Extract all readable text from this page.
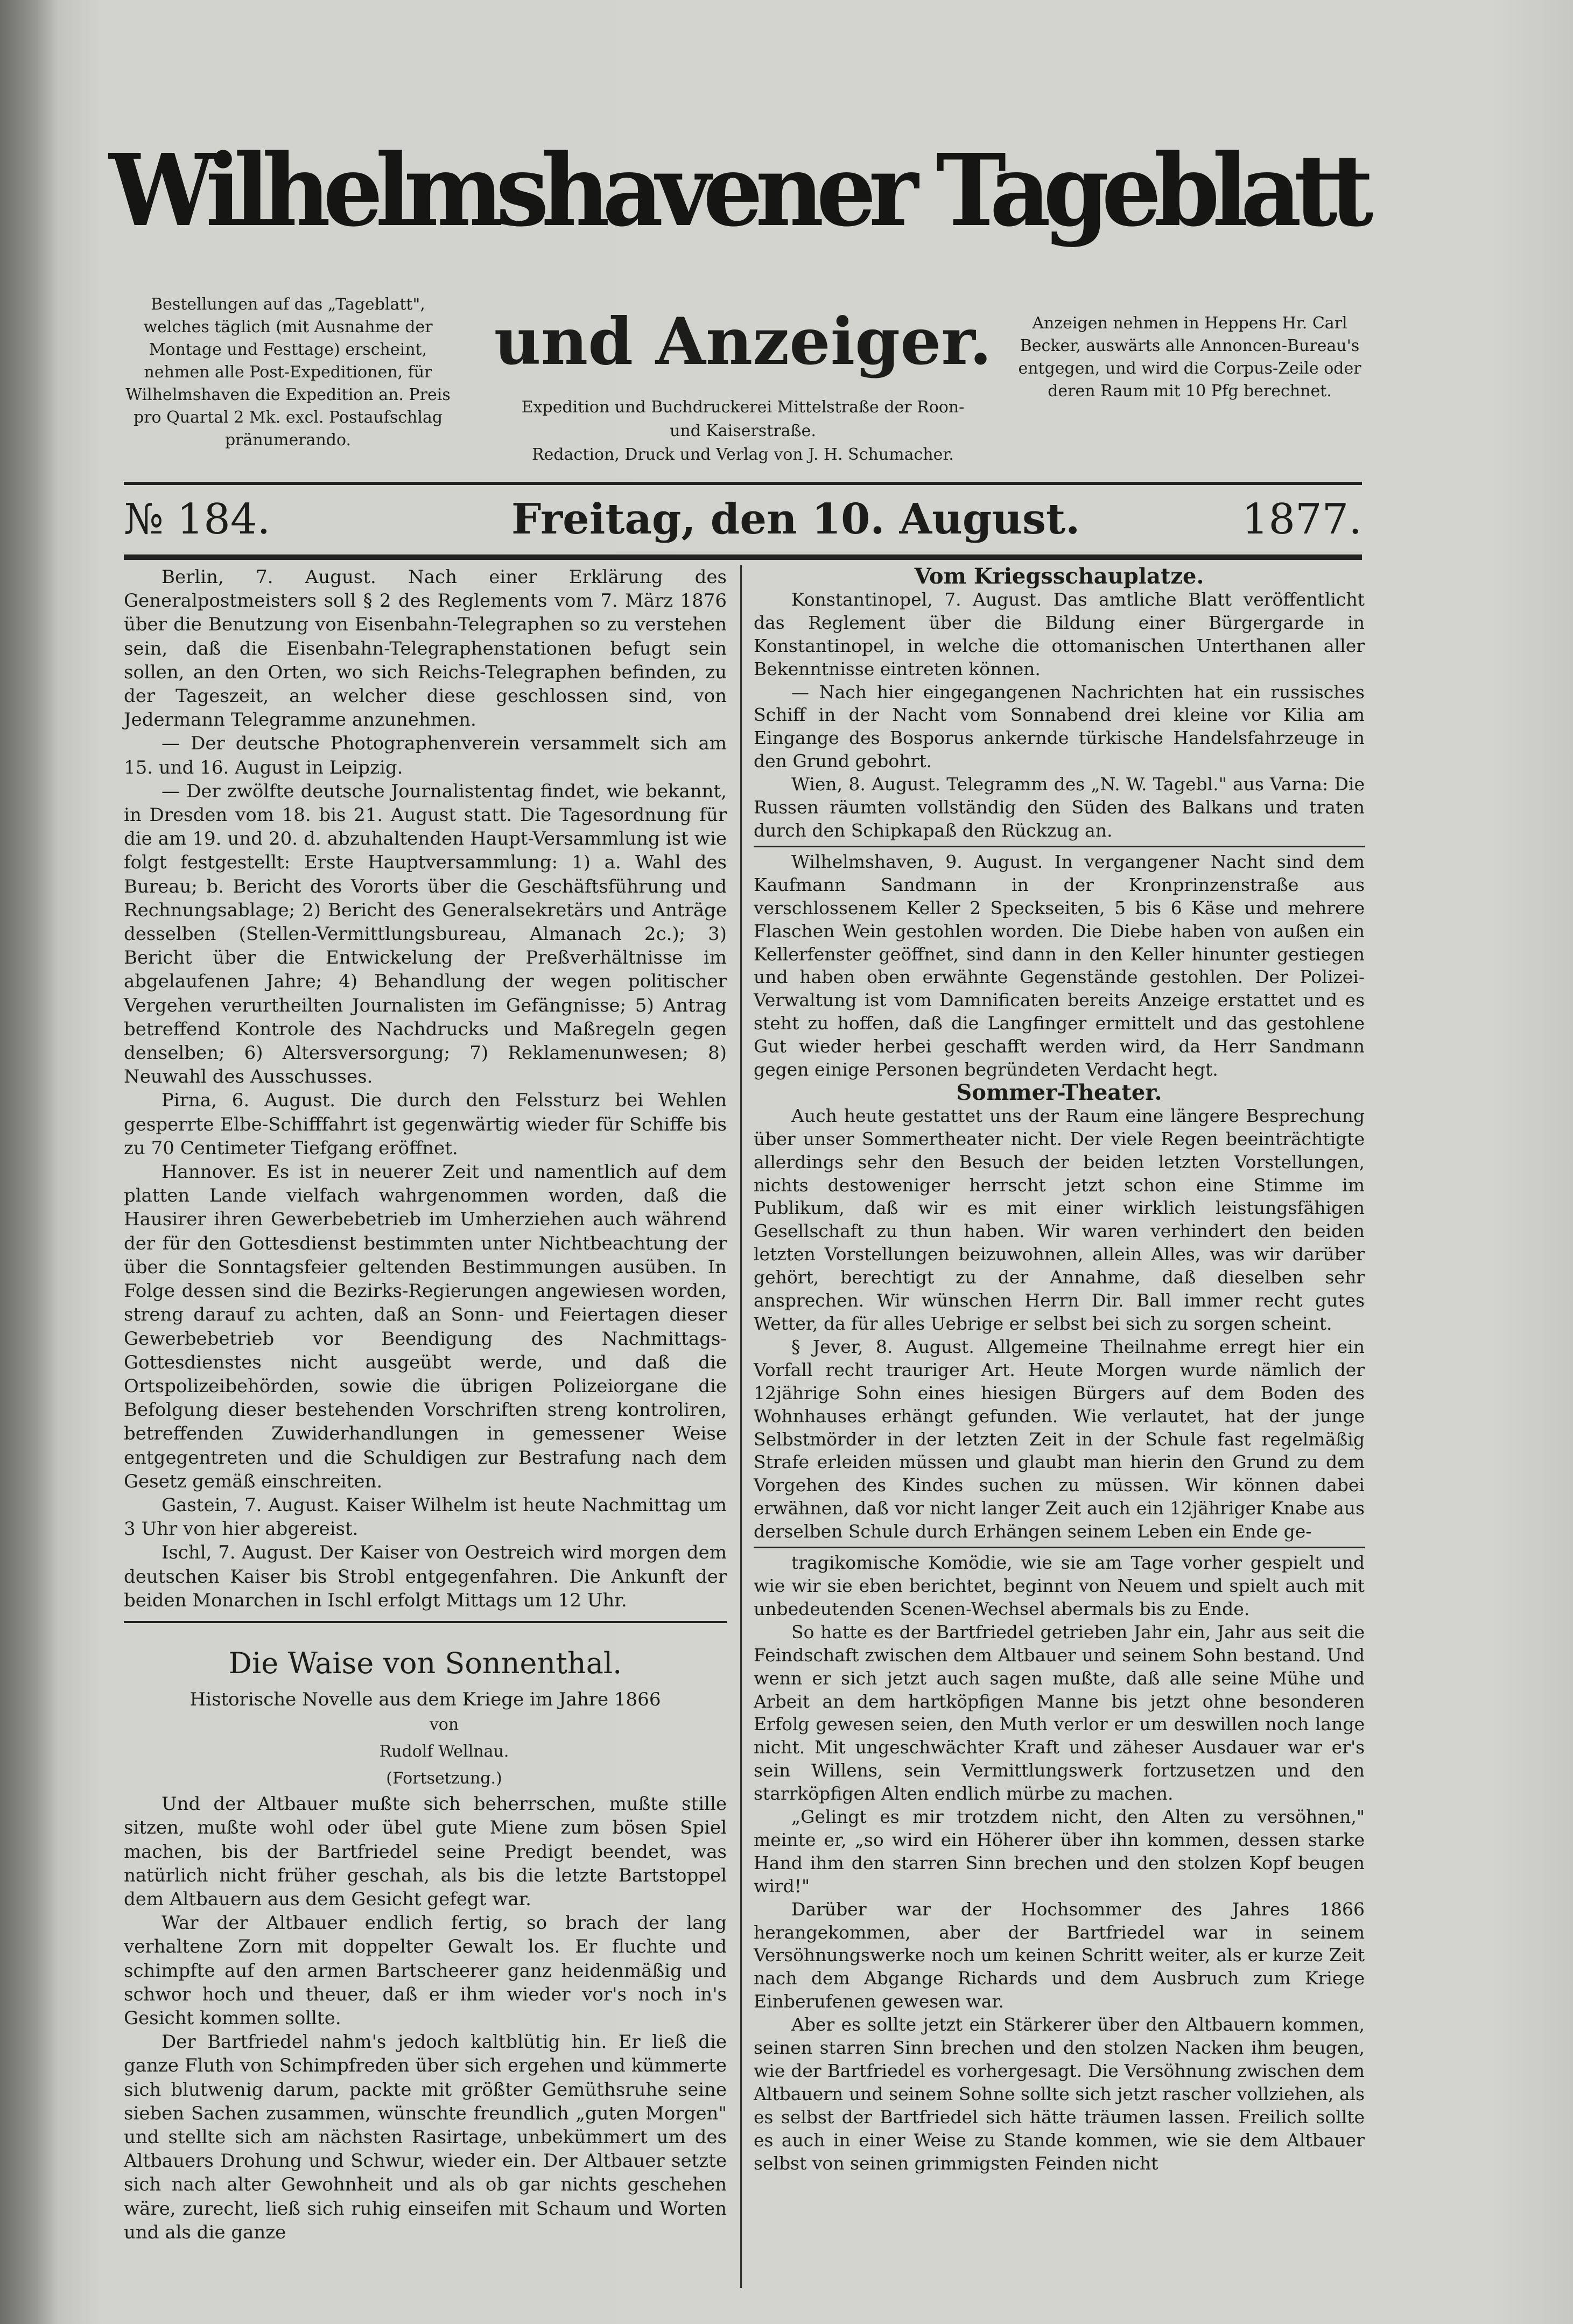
Wilhelmshavener Tageblatt
und Anzeiger.
Bestellungen auf das „Tageblatt", welches täglich (mit Ausnahme der Montage und Festtage) erscheint, nehmen alle Post-Expeditionen, für Wilhelmshaven die Expedition an. Preis pro Quartal 2 Mk. excl. Postaufschlag pränumerando.
Anzeigen nehmen in Heppens Hr. Carl Becker, auswärts alle Annoncen-Bureau's entgegen, und wird die Corpus-Zeile oder deren Raum mit 10 Pfg berechnet.
Expedition und Buchdruckerei Mittelstraße der Roon- und Kaiserstraße.
Redaction, Druck und Verlag von J. H. Schumacher.
№ 184.	Freitag, den 10. August.	1877.

Berlin, 7. August. Nach einer Erklärung des Generalpostmeisters soll § 2 des Reglements vom 7. März 1876 über die Benutzung von Eisenbahn-Telegraphen so zu verstehen sein, daß die Eisenbahn-Telegraphenstationen befugt sein sollen, an den Orten, wo sich Reichs-Telegraphen befinden, zu der Tageszeit, an welcher diese geschlossen sind, von Jedermann Telegramme anzunehmen.

— Der deutsche Photographenverein versammelt sich am 15. und 16. August in Leipzig.

— Der zwölfte deutsche Journalistentag findet, wie bekannt, in Dresden vom 18. bis 21. August statt. Die Tagesordnung für die am 19. und 20. d. abzuhaltenden Haupt-Versammlung ist wie folgt festgestellt: Erste Hauptversammlung: 1) a. Wahl des Bureau; b. Bericht des Vororts über die Geschäftsführung und Rechnungsablage; 2) Bericht des Generalsekretärs und Anträge desselben (Stellen-Vermittlungsbureau, Almanach 2c.); 3) Bericht über die Entwickelung der Preßverhältnisse im abgelaufenen Jahre; 4) Behandlung der wegen politischer Vergehen verurtheilten Journalisten im Gefängnisse; 5) Antrag betreffend Kontrole des Nachdrucks und Maßregeln gegen denselben; 6) Altersversorgung; 7) Reklamenunwesen; 8) Neuwahl des Ausschusses.

Pirna, 6. August. Die durch den Felssturz bei Wehlen gesperrte Elbe-Schifffahrt ist gegenwärtig wieder für Schiffe bis zu 70 Centimeter Tiefgang eröffnet.

Hannover. Es ist in neuerer Zeit und namentlich auf dem platten Lande vielfach wahrgenommen worden, daß die Hausirer ihren Gewerbebetrieb im Umherziehen auch während der für den Gottesdienst bestimmten unter Nichtbeachtung der über die Sonntagsfeier geltenden Bestimmungen ausüben. In Folge dessen sind die Bezirks-Regierungen angewiesen worden, streng darauf zu achten, daß an Sonn- und Feiertagen dieser Gewerbebetrieb vor Beendigung des Nachmittags-Gottesdienstes nicht ausgeübt werde, und daß die Ortspolizeibehörden, sowie die übrigen Polizeiorgane die Befolgung dieser bestehenden Vorschriften streng kontroliren, betreffenden Zuwiderhandlungen in gemessener Weise entgegentreten und die Schuldigen zur Bestrafung nach dem Gesetz gemäß einschreiten.

Gastein, 7. August. Kaiser Wilhelm ist heute Nachmittag um 3 Uhr von hier abgereist.

Ischl, 7. August. Der Kaiser von Oestreich wird morgen dem deutschen Kaiser bis Strobl entgegenfahren. Die Ankunft der beiden Monarchen in Ischl erfolgt Mittags um 12 Uhr.

Die Waise von Sonnenthal.

Historische Novelle aus dem Kriege im Jahre 1866

von

Rudolf Wellnau.

(Fortsetzung.)

Und der Altbauer mußte sich beherrschen, mußte stille sitzen, mußte wohl oder übel gute Miene zum bösen Spiel machen, bis der Bartfriedel seine Predigt beendet, was natürlich nicht früher geschah, als bis die letzte Bartstoppel dem Altbauern aus dem Gesicht gefegt war.

War der Altbauer endlich fertig, so brach der lang verhaltene Zorn mit doppelter Gewalt los. Er fluchte und schimpfte auf den armen Bartscheerer ganz heidenmäßig und schwor hoch und theuer, daß er ihm wieder vor's noch in's Gesicht kommen sollte.

Der Bartfriedel nahm's jedoch kaltblütig hin. Er ließ die ganze Fluth von Schimpfreden über sich ergehen und kümmerte sich blutwenig darum, packte mit größter Gemüthsruhe seine sieben Sachen zusammen, wünschte freundlich „guten Morgen" und stellte sich am nächsten Rasirtage, unbekümmert um des Altbauers Drohung und Schwur, wieder ein. Der Altbauer setzte sich nach alter Gewohnheit und als ob gar nichts geschehen wäre, zurecht, ließ sich ruhig einseifen mit Schaum und Worten und als die ganze

Vom Kriegsschauplatze.

Konstantinopel, 7. August. Das amtliche Blatt veröffentlicht das Reglement über die Bildung einer Bürgergarde in Konstantinopel, in welche die ottomanischen Unterthanen aller Bekenntnisse eintreten können.

— Nach hier eingegangenen Nachrichten hat ein russisches Schiff in der Nacht vom Sonnabend drei kleine vor Kilia am Eingange des Bosporus ankernde türkische Handelsfahrzeuge in den Grund gebohrt.

Wien, 8. August. Telegramm des „N. W. Tagebl." aus Varna: Die Russen räumten vollständig den Süden des Balkans und traten durch den Schipkapaß den Rückzug an.

Wilhelmshaven, 9. August. In vergangener Nacht sind dem Kaufmann Sandmann in der Kronprinzenstraße aus verschlossenem Keller 2 Speckseiten, 5 bis 6 Käse und mehrere Flaschen Wein gestohlen worden. Die Diebe haben von außen ein Kellerfenster geöffnet, sind dann in den Keller hinunter gestiegen und haben oben erwähnte Gegenstände gestohlen. Der Polizei-Verwaltung ist vom Damnificaten bereits Anzeige erstattet und es steht zu hoffen, daß die Langfinger ermittelt und das gestohlene Gut wieder herbei geschafft werden wird, da Herr Sandmann gegen einige Personen begründeten Verdacht hegt.

Sommer-Theater.

Auch heute gestattet uns der Raum eine längere Besprechung über unser Sommertheater nicht. Der viele Regen beeinträchtigte allerdings sehr den Besuch der beiden letzten Vorstellungen, nichts destoweniger herrscht jetzt schon eine Stimme im Publikum, daß wir es mit einer wirklich leistungsfähigen Gesellschaft zu thun haben. Wir waren verhindert den beiden letzten Vorstellungen beizuwohnen, allein Alles, was wir darüber gehört, berechtigt zu der Annahme, daß dieselben sehr ansprechen. Wir wünschen Herrn Dir. Ball immer recht gutes Wetter, da für alles Uebrige er selbst bei sich zu sorgen scheint.

§ Jever, 8. August. Allgemeine Theilnahme erregt hier ein Vorfall recht trauriger Art. Heute Morgen wurde nämlich der 12jährige Sohn eines hiesigen Bürgers auf dem Boden des Wohnhauses erhängt gefunden. Wie verlautet, hat der junge Selbstmörder in der letzten Zeit in der Schule fast regelmäßig Strafe erleiden müssen und glaubt man hierin den Grund zu dem Vorgehen des Kindes suchen zu müssen. Wir können dabei erwähnen, daß vor nicht langer Zeit auch ein 12jähriger Knabe aus derselben Schule durch Erhängen seinem Leben ein Ende ge-

tragikomische Komödie, wie sie am Tage vorher gespielt und wie wir sie eben berichtet, beginnt von Neuem und spielt auch mit unbedeutenden Scenen-Wechsel abermals bis zu Ende.

So hatte es der Bartfriedel getrieben Jahr ein, Jahr aus seit die Feindschaft zwischen dem Altbauer und seinem Sohn bestand. Und wenn er sich jetzt auch sagen mußte, daß alle seine Mühe und Arbeit an dem hartköpfigen Manne bis jetzt ohne besonderen Erfolg gewesen seien, den Muth verlor er um deswillen noch lange nicht. Mit ungeschwächter Kraft und zäheser Ausdauer war er's sein Willens, sein Vermittlungswerk fortzusetzen und den starrköpfigen Alten endlich mürbe zu machen.

„Gelingt es mir trotzdem nicht, den Alten zu versöhnen," meinte er, „so wird ein Höherer über ihn kommen, dessen starke Hand ihm den starren Sinn brechen und den stolzen Kopf beugen wird!"

Darüber war der Hochsommer des Jahres 1866 herangekommen, aber der Bartfriedel war in seinem Versöhnungswerke noch um keinen Schritt weiter, als er kurze Zeit nach dem Abgange Richards und dem Ausbruch zum Kriege Einberufenen gewesen war.

Aber es sollte jetzt ein Stärkerer über den Altbauern kommen, seinen starren Sinn brechen und den stolzen Nacken ihm beugen, wie der Bartfriedel es vorhergesagt. Die Versöhnung zwischen dem Altbauern und seinem Sohne sollte sich jetzt rascher vollziehen, als es selbst der Bartfriedel sich hätte träumen lassen. Freilich sollte es auch in einer Weise zu Stande kommen, wie sie dem Altbauer selbst von seinen grimmigsten Feinden nicht
